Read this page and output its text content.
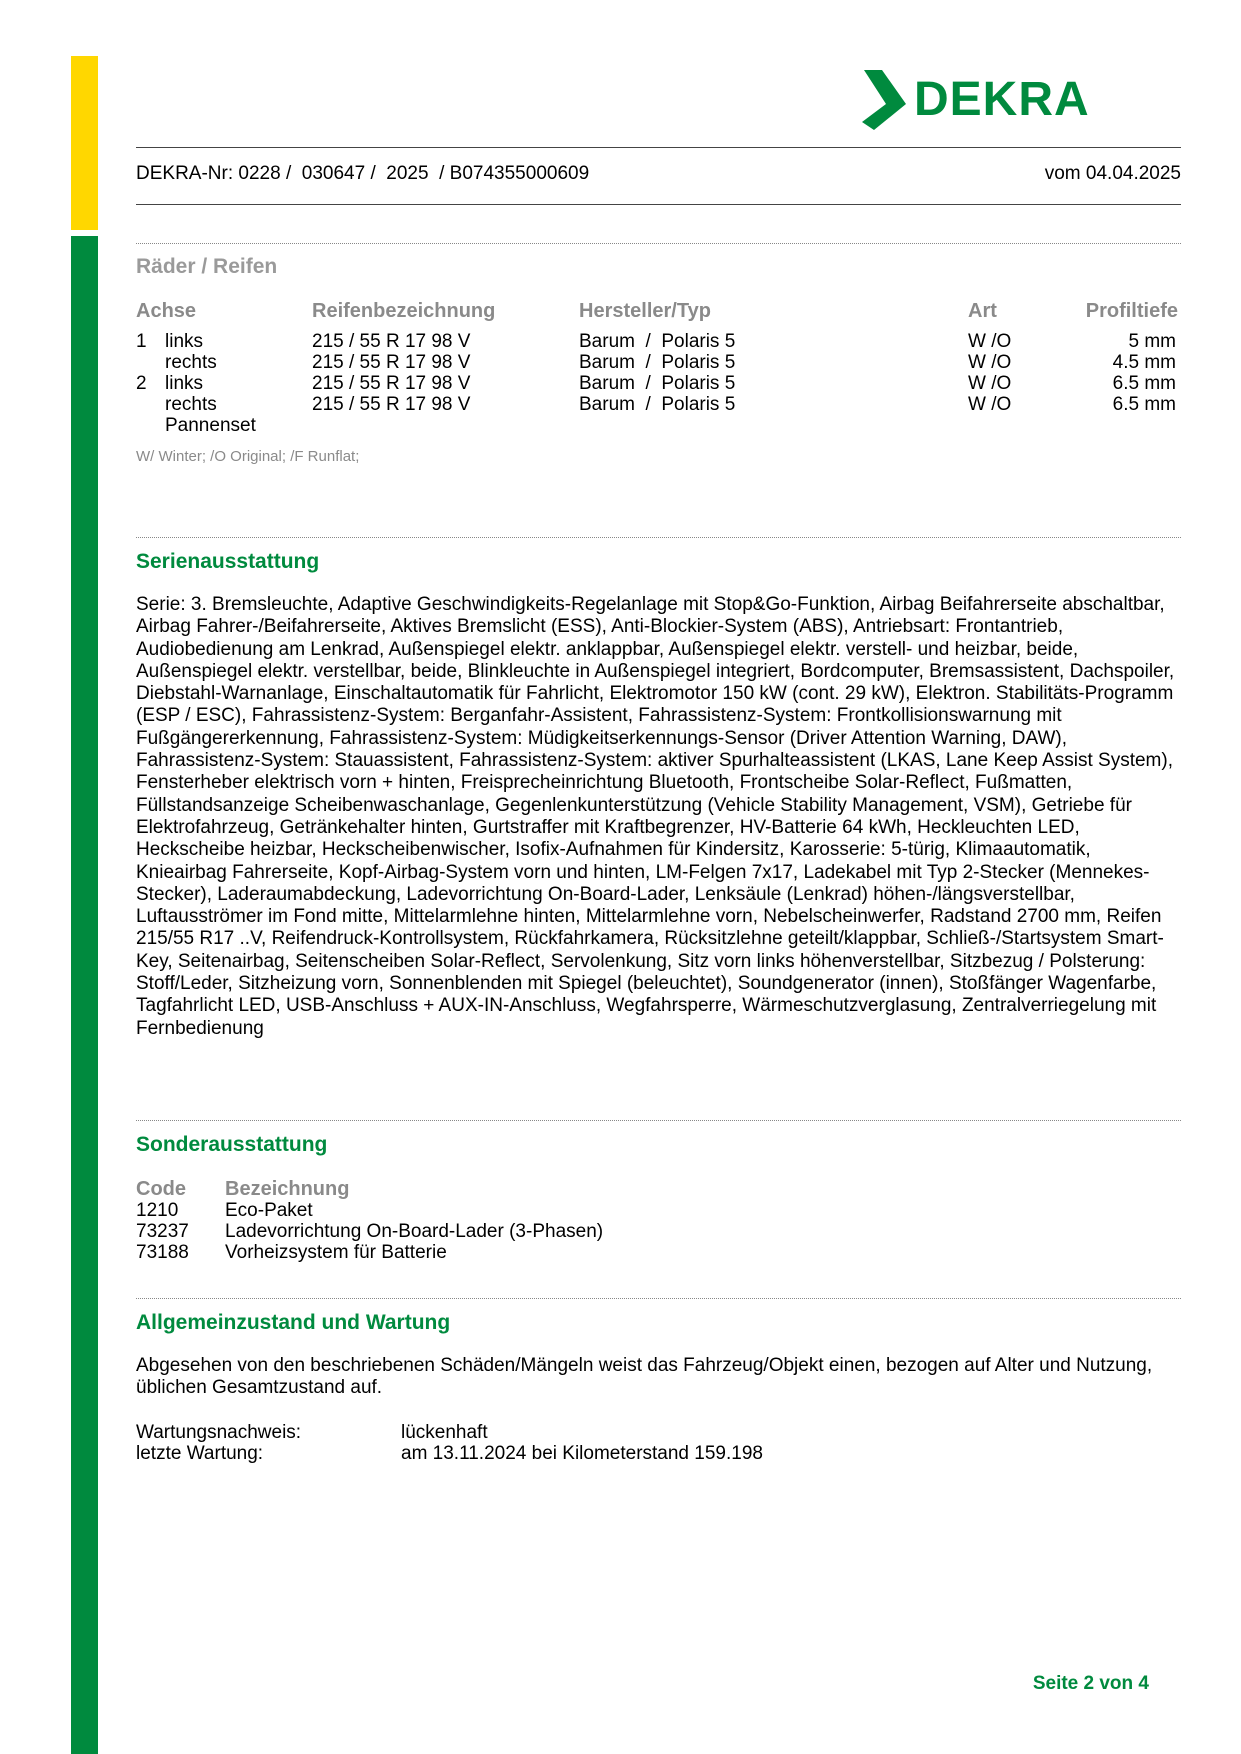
DEKRA
DEKRA-Nr: 0228 /  030647 /  2025  / B074355000609	vom 04.04.2025
Räder / Reifen
Achse	Reifenbezeichnung	Hersteller/Typ	Art	Profiltiefe
1 links	215 / 55 R 17 98 V	Barum  /  Polaris 5	W /O	5 mm
rechts	215 / 55 R 17 98 V	Barum  /  Polaris 5	W /O	4.5 mm
2 links	215 / 55 R 17 98 V	Barum  /  Polaris 5	W /O	6.5 mm
rechts	215 / 55 R 17 98 V	Barum  /  Polaris 5	W /O	6.5 mm
Pannenset
W/ Winter; /O Original; /F Runflat;
Serienausstattung
Serie: 3. Bremsleuchte, Adaptive Geschwindigkeits-Regelanlage mit Stop&Go-Funktion, Airbag Beifahrerseite abschaltbar, Airbag Fahrer-/Beifahrerseite, Aktives Bremslicht (ESS), Anti-Blockier-System (ABS), Antriebsart: Frontantrieb, Audiobedienung am Lenkrad, Außenspiegel elektr. anklappbar, Außenspiegel elektr. verstell- und heizbar, beide, Außenspiegel elektr. verstellbar, beide, Blinkleuchte in Außenspiegel integriert, Bordcomputer, Bremsassistent, Dachspoiler, Diebstahl-Warnanlage, Einschaltautomatik für Fahrlicht, Elektromotor 150 kW (cont. 29 kW), Elektron. Stabilitäts-Programm (ESP / ESC), Fahrassistenz-System: Berganfahr-Assistent, Fahrassistenz-System: Frontkollisionswarnung mit Fußgängererkennung, Fahrassistenz-System: Müdigkeitserkennungs-Sensor (Driver Attention Warning, DAW), Fahrassistenz-System: Stauassistent, Fahrassistenz-System: aktiver Spurhalteassistent (LKAS, Lane Keep Assist System), Fensterheber elektrisch vorn + hinten, Freisprecheinrichtung Bluetooth, Frontscheibe Solar-Reflect, Fußmatten, Füllstandsanzeige Scheibenwaschanlage, Gegenlenkunterstützung (Vehicle Stability Management, VSM), Getriebe für Elektrofahrzeug, Getränkehalter hinten, Gurtstraffer mit Kraftbegrenzer, HV-Batterie 64 kWh, Heckleuchten LED, Heckscheibe heizbar, Heckscheibenwischer, Isofix-Aufnahmen für Kindersitz, Karosserie: 5-türig, Klimaautomatik, Knieairbag Fahrerseite, Kopf-Airbag-System vorn und hinten, LM-Felgen 7x17, Ladekabel mit Typ 2-Stecker (Mennekes-Stecker), Laderaumabdeckung, Ladevorrichtung On-Board-Lader, Lenksäule (Lenkrad) höhen-/längsverstellbar, Luftausströmer im Fond mitte, Mittelarmlehne hinten, Mittelarmlehne vorn, Nebelscheinwerfer, Radstand 2700 mm, Reifen 215/55 R17 ..V, Reifendruck-Kontrollsystem, Rückfahrkamera, Rücksitzlehne geteilt/klappbar, Schließ-/Startsystem Smart-Key, Seitenairbag, Seitenscheiben Solar-Reflect, Servolenkung, Sitz vorn links höhenverstellbar, Sitzbezug / Polsterung: Stoff/Leder, Sitzheizung vorn, Sonnenblenden mit Spiegel (beleuchtet), Soundgenerator (innen), Stoßfänger Wagenfarbe, Tagfahrlicht LED, USB-Anschluss + AUX-IN-Anschluss, Wegfahrsperre, Wärmeschutzverglasung, Zentralverriegelung mit Fernbedienung
Sonderausstattung
Code Bezeichnung
1210 Eco-Paket
73237 Ladevorrichtung On-Board-Lader (3-Phasen)
73188 Vorheizsystem für Batterie
Allgemeinzustand und Wartung
Abgesehen von den beschriebenen Schäden/Mängeln weist das Fahrzeug/Objekt einen, bezogen auf Alter und Nutzung, üblichen Gesamtzustand auf.
Wartungsnachweis:	lückenhaft
letzte Wartung:	am 13.11.2024 bei Kilometerstand 159.198
Seite 2 von 4
